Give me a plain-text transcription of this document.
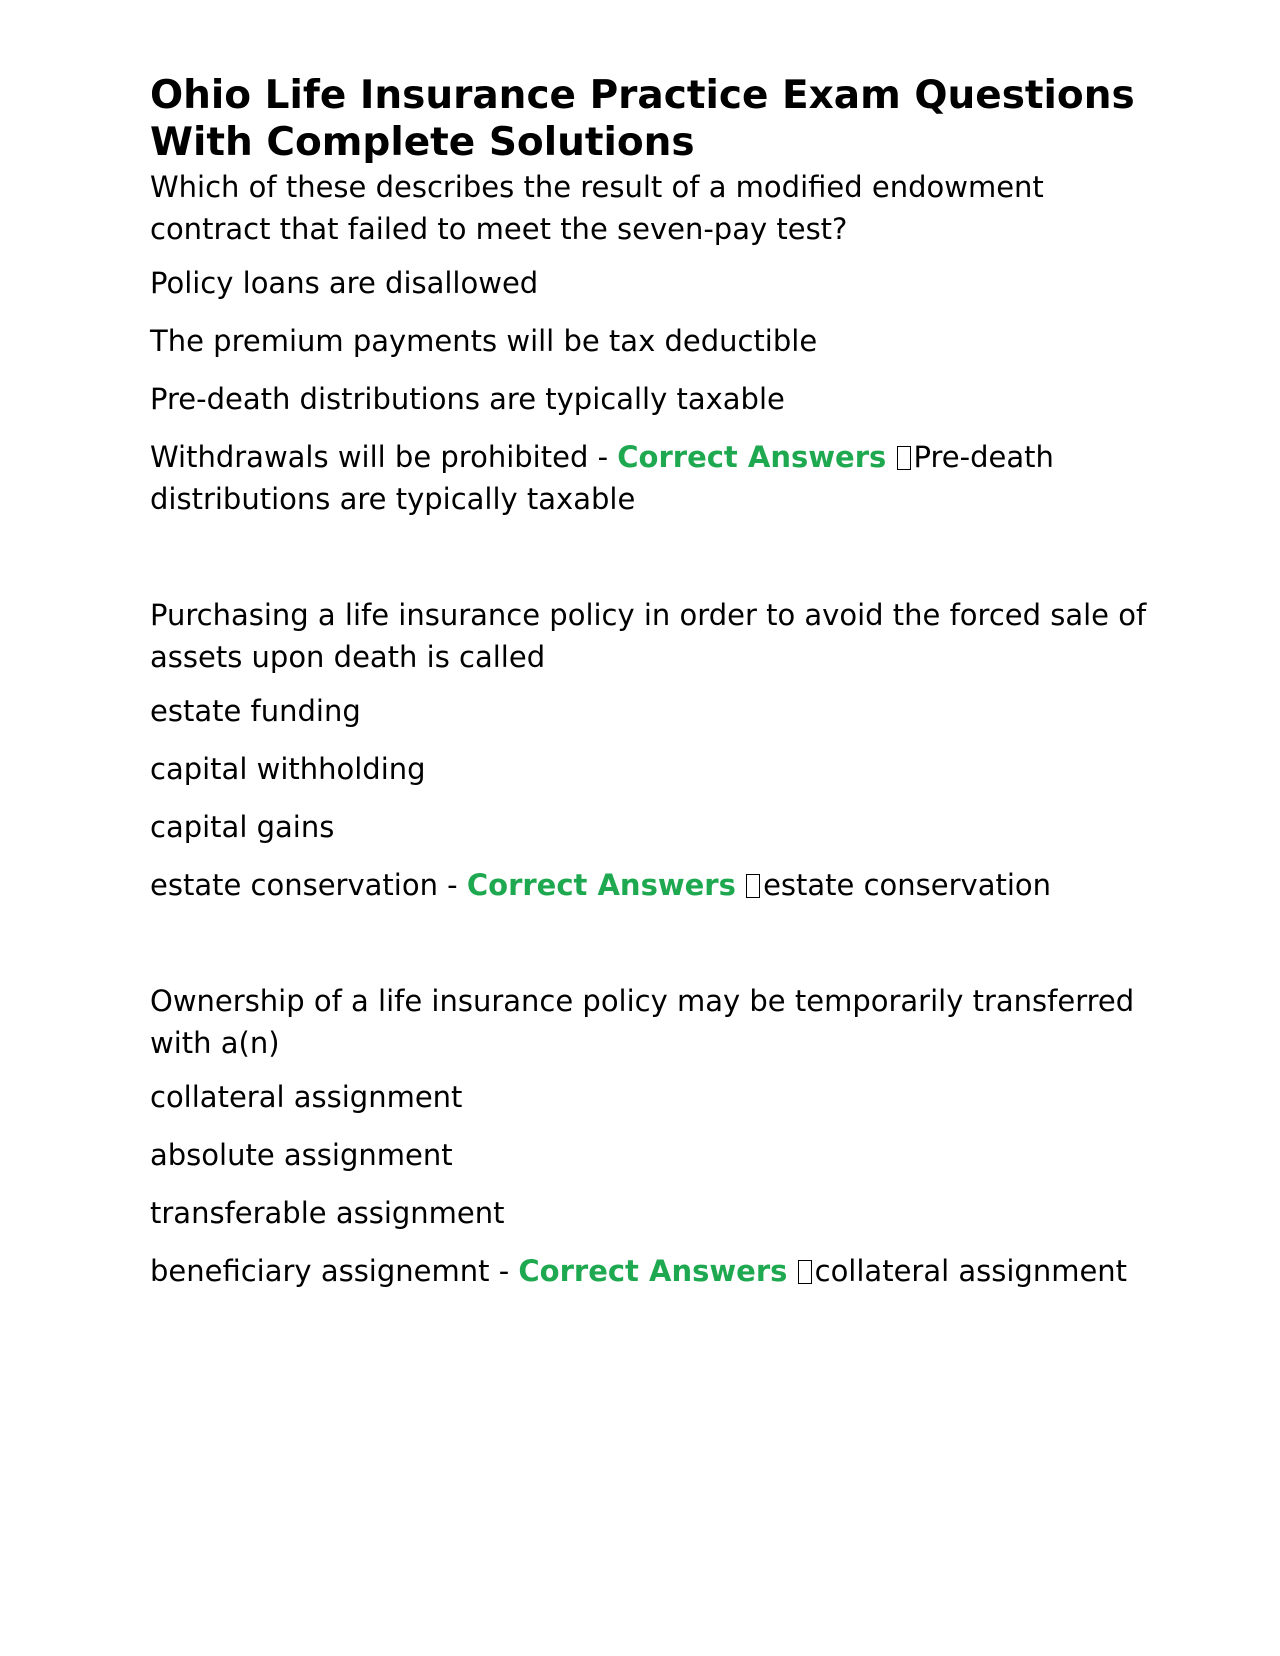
Ohio Life Insurance Practice Exam Questions With Complete Solutions

Which of these describes the result of a modified endowment contract that failed to meet the seven-pay test?

Policy loans are disallowed

The premium payments will be tax deductible

Pre-death distributions are typically taxable

Withdrawals will be prohibited - Correct Answers Pre-death distributions are typically taxable

Purchasing a life insurance policy in order to avoid the forced sale of assets upon death is called

estate funding

capital withholding

capital gains

estate conservation - Correct Answers estate conservation

Ownership of a life insurance policy may be temporarily transferred with a(n)

collateral assignment

absolute assignment

transferable assignment

beneficiary assignemnt - Correct Answers collateral assignment
